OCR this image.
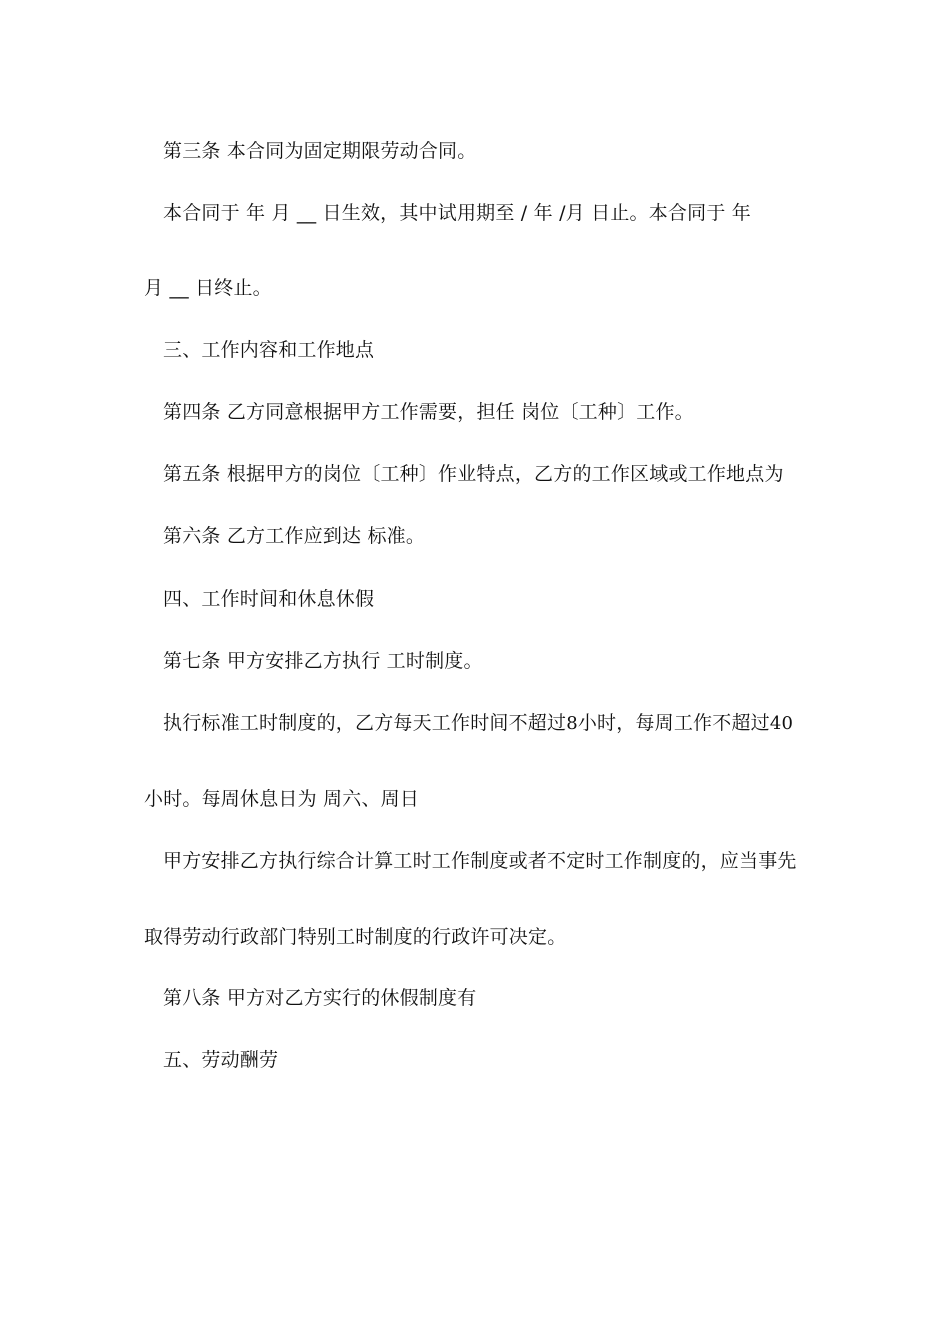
第三条 本合同为固定期限劳动合同。
本合同于 年 月 __ 日生效，其中试用期至 / 年 /月 日止。本合同于 年
月 __ 日终止。
三、工作内容和工作地点
第四条 乙方同意根据甲方工作需要，担任 岗位〔工种〕工作。
第五条 根据甲方的岗位〔工种〕作业特点，乙方的工作区域或工作地点为
第六条 乙方工作应到达 标准。
四、工作时间和休息休假
第七条 甲方安排乙方执行 工时制度。
执行标准工时制度的，乙方每天工作时间不超过8小时，每周工作不超过40
小时。每周休息日为 周六、周日
甲方安排乙方执行综合计算工时工作制度或者不定时工作制度的，应当事先
取得劳动行政部门特别工时制度的行政许可决定。
第八条 甲方对乙方实行的休假制度有
五、劳动酬劳
